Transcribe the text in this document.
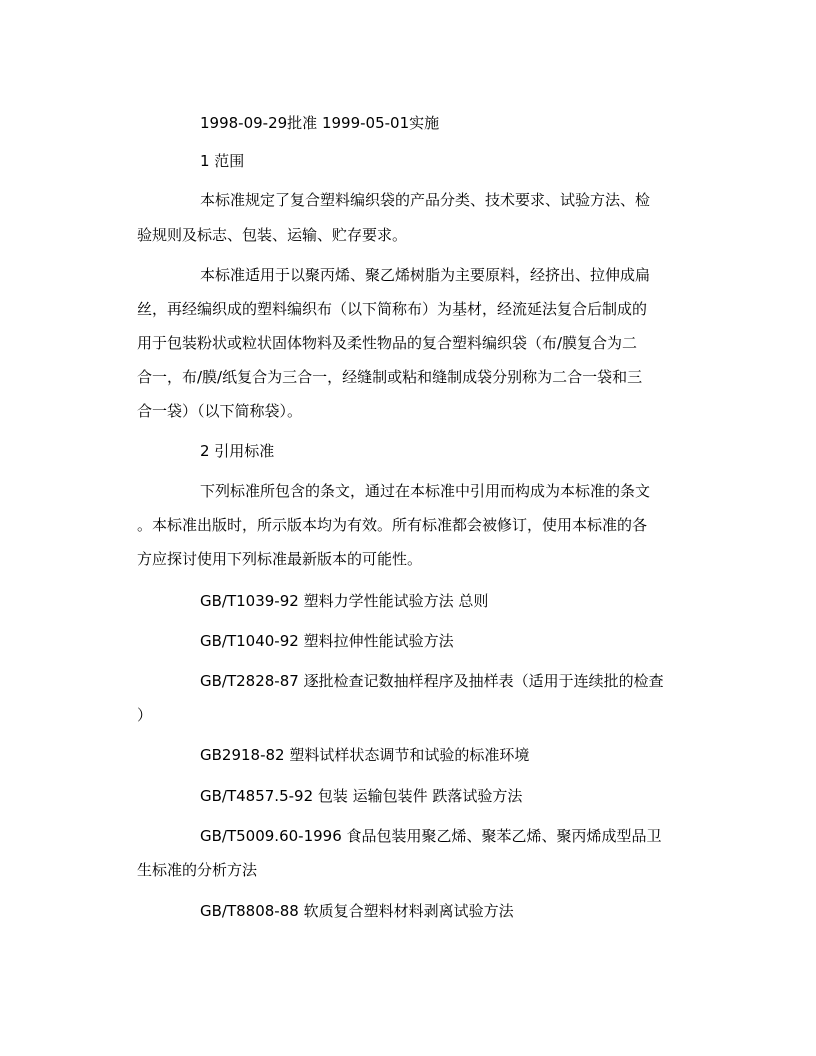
1998-09-29批准 1999-05-01实施
1 范围
本标准规定了复合塑料编织袋的产品分类、技术要求、试验方法、检
验规则及标志、包装、运输、贮存要求。
本标准适用于以聚丙烯、聚乙烯树脂为主要原料，经挤出、拉伸成扁
丝，再经编织成的塑料编织布（以下简称布）为基材，经流延法复合后制成的
用于包装粉状或粒状固体物料及柔性物品的复合塑料编织袋（布/膜复合为二
合一，布/膜/纸复合为三合一，经缝制或粘和缝制成袋分别称为二合一袋和三
合一袋）（以下简称袋）。
2 引用标准
下列标准所包含的条文，通过在本标准中引用而构成为本标准的条文
。本标准出版时，所示版本均为有效。所有标准都会被修订，使用本标准的各
方应探讨使用下列标准最新版本的可能性。
GB/T1039-92 塑料力学性能试验方法 总则
GB/T1040-92 塑料拉伸性能试验方法
GB/T2828-87 逐批检查记数抽样程序及抽样表（适用于连续批的检查
）
GB2918-82 塑料试样状态调节和试验的标准环境
GB/T4857.5-92 包装 运输包装件 跌落试验方法
GB/T5009.60-1996 食品包装用聚乙烯、聚苯乙烯、聚丙烯成型品卫
生标准的分析方法
GB/T8808-88 软质复合塑料材料剥离试验方法
